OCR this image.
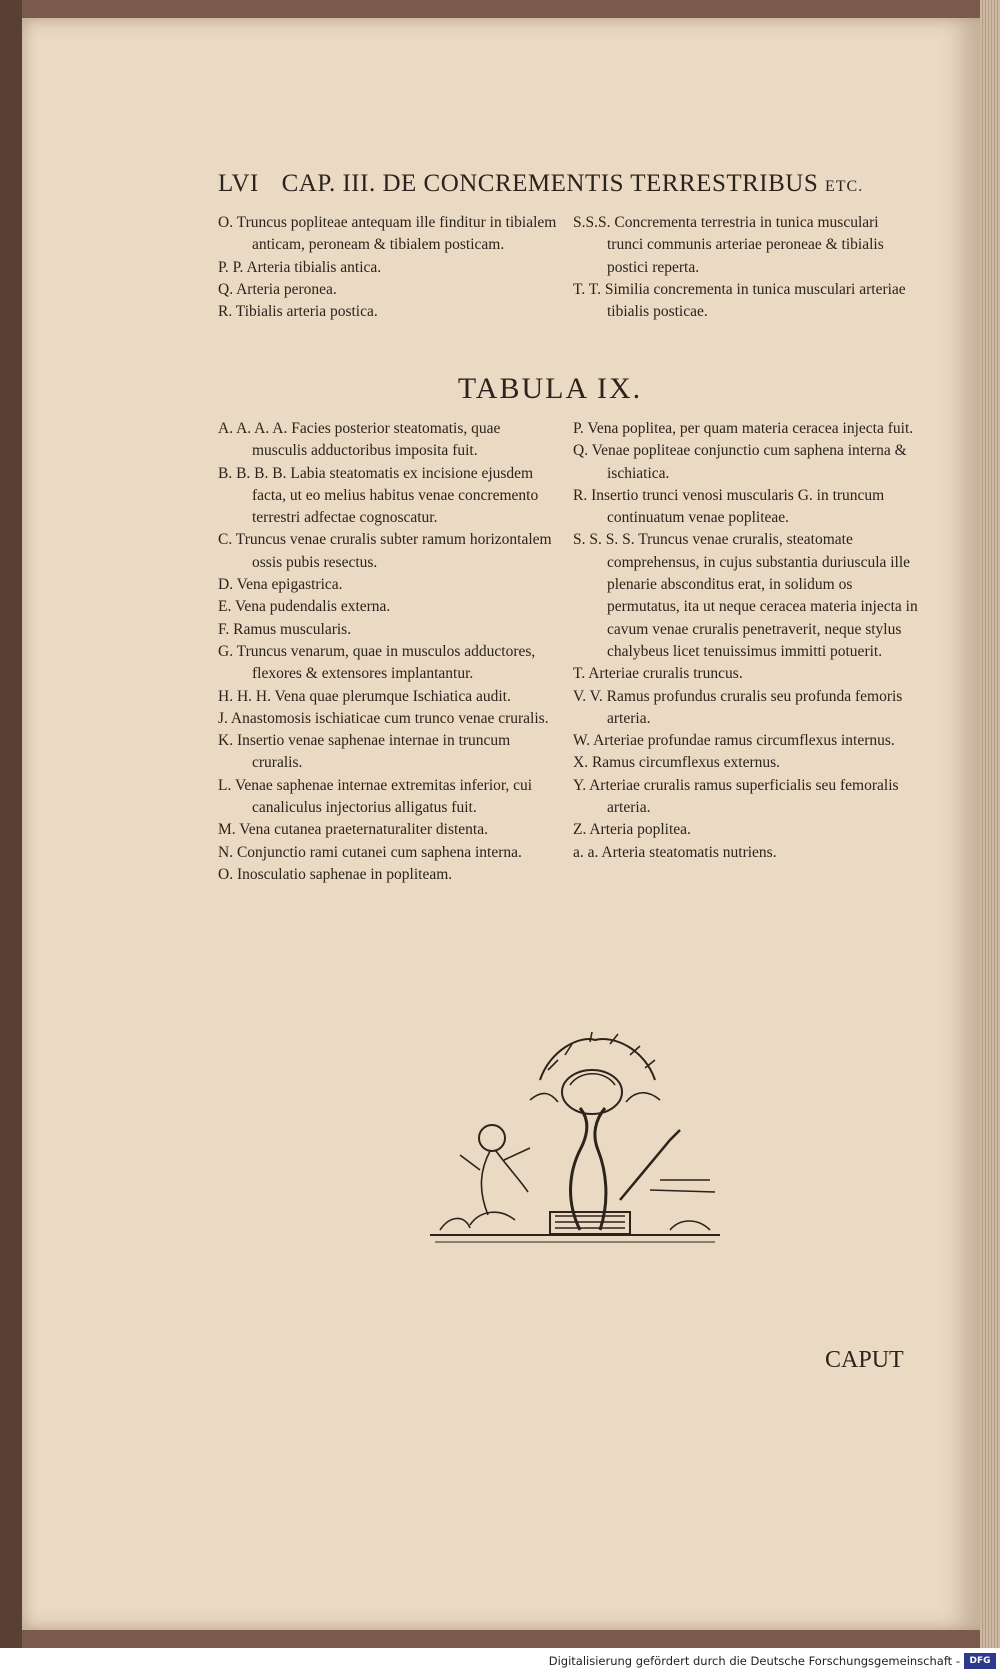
LVI CAP. III. DE CONCREMENTIS TERRESTRIBUS ETC.

O. Truncus popliteae antequam ille finditur in tibialem anticam, peroneam & tibialem posticam.

P. P. Arteria tibialis antica.

Q. Arteria peronea.

R. Tibialis arteria postica.

S.S.S. Concrementa terrestria in tunica musculari trunci communis arteriae peroneae & tibialis postici reperta.

T. T. Similia concrementa in tunica musculari arteriae tibialis posticae.

TABULA IX.

A. A. A. A. Facies posterior steatomatis, quae musculis adductoribus imposita fuit.

B. B. B. B. Labia steatomatis ex incisione ejusdem facta, ut eo melius habitus venae concremento terrestri adfectae cognoscatur.

C. Truncus venae cruralis subter ramum horizontalem ossis pubis resectus.

D. Vena epigastrica.

E. Vena pudendalis externa.

F. Ramus muscularis.

G. Truncus venarum, quae in musculos adductores, flexores & extensores implantantur.

H. H. H. Vena quae plerumque Ischiatica audit.

J. Anastomosis ischiaticae cum trunco venae cruralis.

K. Insertio venae saphenae internae in truncum cruralis.

L. Venae saphenae internae extremitas inferior, cui canaliculus injectorius alligatus fuit.

M. Vena cutanea praeternaturaliter distenta.

N. Conjunctio rami cutanei cum saphena interna.

O. Inosculatio saphenae in popliteam.

P. Vena poplitea, per quam materia ceracea injecta fuit.

Q. Venae popliteae conjunctio cum saphena interna & ischiatica.

R. Insertio trunci venosi muscularis G. in truncum continuatum venae popliteae.

S. S. S. S. Truncus venae cruralis, steatomate comprehensus, in cujus substantia duriuscula ille plenarie absconditus erat, in solidum os permutatus, ita ut neque ceracea materia injecta in cavum venae cruralis penetraverit, neque stylus chalybeus licet tenuissimus immitti potuerit.

T. Arteriae cruralis truncus.

V. V. Ramus profundus cruralis seu profunda femoris arteria.

W. Arteriae profundae ramus circumflexus internus.

X. Ramus circumflexus externus.

Y. Arteriae cruralis ramus superficialis seu femoralis arteria.

Z. Arteria poplitea.

a. a. Arteria steatomatis nutriens.

CAPUT
Digitalisierung gefördert durch die Deutsche Forschungsgemeinschaft -	DFG
